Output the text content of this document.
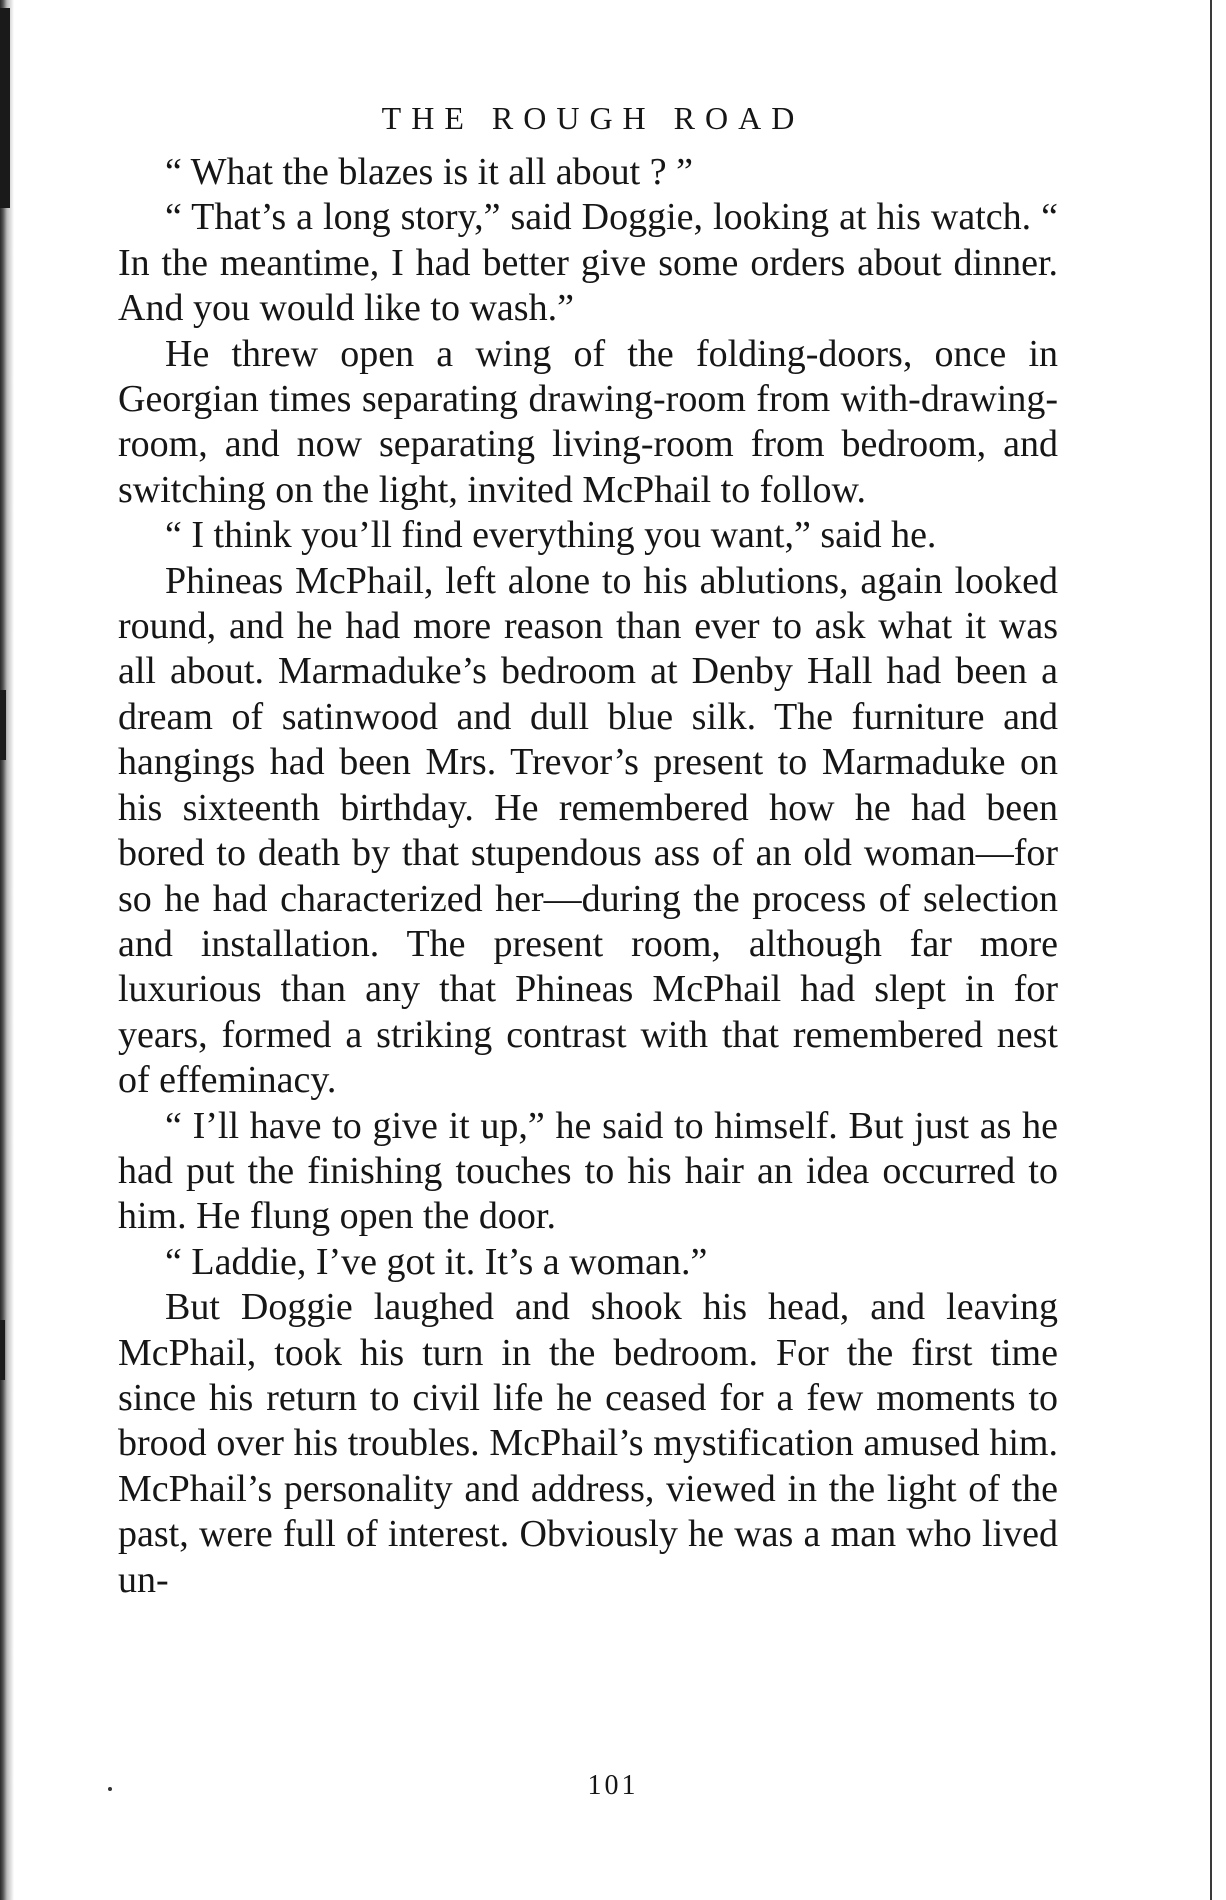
THE ROUGH ROAD

“ What the blazes is it all about ? ”

“ That’s a long story,” said Doggie, looking at his watch. “ In the meantime, I had better give some orders about dinner. And you would like to wash.”

He threw open a wing of the folding-doors, once in Georgian times separating drawing-room from with-drawing-room, and now separating living-room from bedroom, and switching on the light, invited McPhail to follow.

“ I think you’ll find everything you want,” said he.

Phineas McPhail, left alone to his ablutions, again looked round, and he had more reason than ever to ask what it was all about. Marmaduke’s bedroom at Denby Hall had been a dream of satinwood and dull blue silk. The furniture and hangings had been Mrs. Trevor’s present to Marmaduke on his sixteenth birthday. He remembered how he had been bored to death by that stupendous ass of an old woman—for so he had characterized her—during the process of selection and installation. The present room, although far more luxurious than any that Phineas McPhail had slept in for years, formed a striking contrast with that remembered nest of effeminacy.

“ I’ll have to give it up,” he said to himself. But just as he had put the finishing touches to his hair an idea occurred to him. He flung open the door.

“ Laddie, I’ve got it. It’s a woman.”

But Doggie laughed and shook his head, and leaving McPhail, took his turn in the bedroom. For the first time since his return to civil life he ceased for a few moments to brood over his troubles. McPhail’s mystification amused him. McPhail’s personality and address, viewed in the light of the past, were full of interest. Obviously he was a man who lived un-

101
